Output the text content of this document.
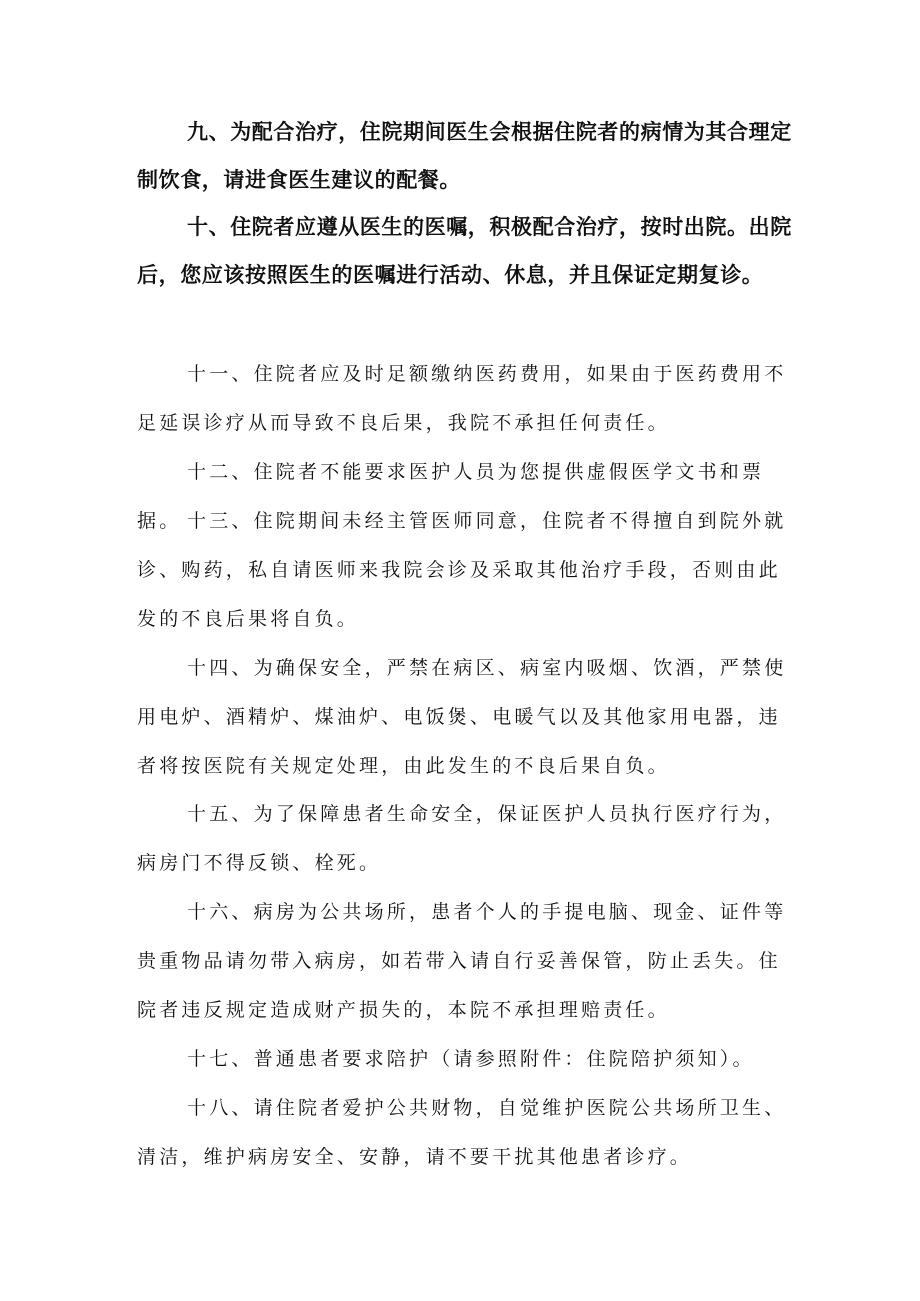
九、为配合治疗，住院期间医生会根据住院者的病情为其合理定制饮食，请进食医生建议的配餐。

十、住院者应遵从医生的医嘱，积极配合治疗，按时出院。出院后，您应该按照医生的医嘱进行活动、休息，并且保证定期复诊。

十一、住院者应及时足额缴纳医药费用，如果由于医药费用不足延误诊疗从而导致不良后果，我院不承担任何责任。

十二、住院者不能要求医护人员为您提供虚假医学文书和票据。 十三、住院期间未经主管医师同意，住院者不得擅自到院外就诊、购药，私自请医师来我院会诊及采取其他治疗手段，否则由此发的不良后果将自负。

十四、为确保安全，严禁在病区、病室内吸烟、饮酒，严禁使用电炉、酒精炉、煤油炉、电饭煲、电暖气以及其他家用电器，违者将按医院有关规定处理，由此发生的不良后果自负。

十五、为了保障患者生命安全，保证医护人员执行医疗行为，病房门不得反锁、栓死。

十六、病房为公共场所，患者个人的手提电脑、现金、证件等贵重物品请勿带入病房，如若带入请自行妥善保管，防止丢失。住院者违反规定造成财产损失的，本院不承担理赔责任。

十七、普通患者要求陪护（请参照附件：住院陪护须知）。

十八、请住院者爱护公共财物，自觉维护医院公共场所卫生、清洁，维护病房安全、安静，请不要干扰其他患者诊疗。
